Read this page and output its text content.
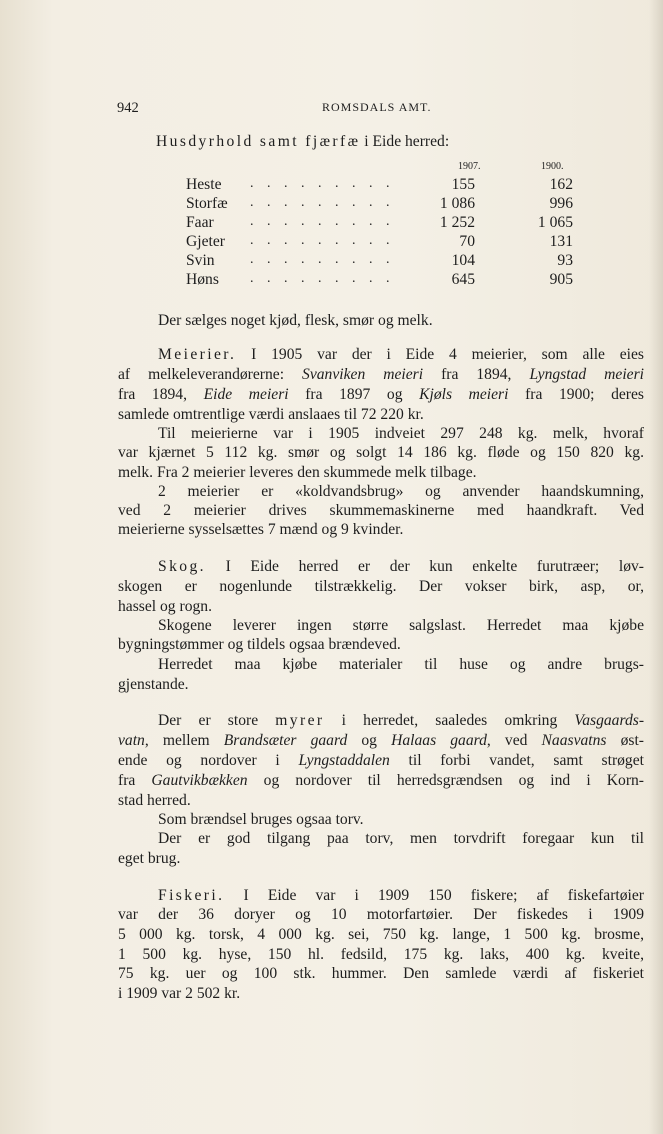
942	ROMSDALS AMT.
Husdyrhold samt fjærfæ i Eide herred:
1907.	1900.
Heste . . . . . . . . .	155	162
Storfæ . . . . . . . . .	1 086	996
Faar	. . . . . . . . .	1 252	1 065
Gjeter . . . . . . . . .	70	131
Svin	. . . . . . . . .	104	93
Høns . . . . . . . . .	645	905
Der sælges noget kjød, flesk, smør og melk.
Meierier. I 1905 var der i Eide 4 meierier, som alle eies
af melkeleverandørerne: Svanviken meieri fra 1894, Lyngstad meieri
fra 1894, Eide meieri fra 1897 og Kjøls meieri fra 1900; deres
samlede omtrentlige værdi anslaaes til 72 220 kr.
Til meierierne var i 1905 indveiet 297 248 kg. melk, hvoraf
var kjærnet 5 112 kg. smør og solgt 14 186 kg. fløde og 150 820 kg.
melk. Fra 2 meierier leveres den skummede melk tilbage.
2 meierier er «koldvandsbrug» og anvender haandskumning,
ved 2 meierier drives skummemaskinerne med haandkraft. Ved
meierierne sysselsættes 7 mænd og 9 kvinder.
Skog. I Eide herred er der kun enkelte furutræer; løv-
skogen er nogenlunde tilstrækkelig. Der vokser birk, asp, or,
hassel og rogn.
Skogene leverer ingen større salgslast. Herredet maa kjøbe
bygningstømmer og tildels ogsaa brændeved.
Herredet maa kjøbe materialer til huse og andre brugs-
gjenstande.
Der er store myrer i herredet, saaledes omkring Vasgaards-
vatn, mellem Brandsæter gaard og Halaas gaard, ved Naasvatns øst-
ende og nordover i Lyngstaddalen til forbi vandet, samt strøget
fra Gautvikbækken og nordover til herredsgrændsen og ind i Korn-
stad herred.
Som brændsel bruges ogsaa torv.
Der er god tilgang paa torv, men torvdrift foregaar kun til
eget brug.
Fiskeri. I Eide var i 1909 150 fiskere; af fiskefartøier
var der 36 doryer og 10 motorfartøier. Der fiskedes i 1909
5 000 kg. torsk, 4 000 kg. sei, 750 kg. lange, 1 500 kg. brosme,
1 500 kg. hyse, 150 hl. fedsild, 175 kg. laks, 400 kg. kveite,
75 kg. uer og 100 stk. hummer. Den samlede værdi af fiskeriet
i 1909 var 2 502 kr.
